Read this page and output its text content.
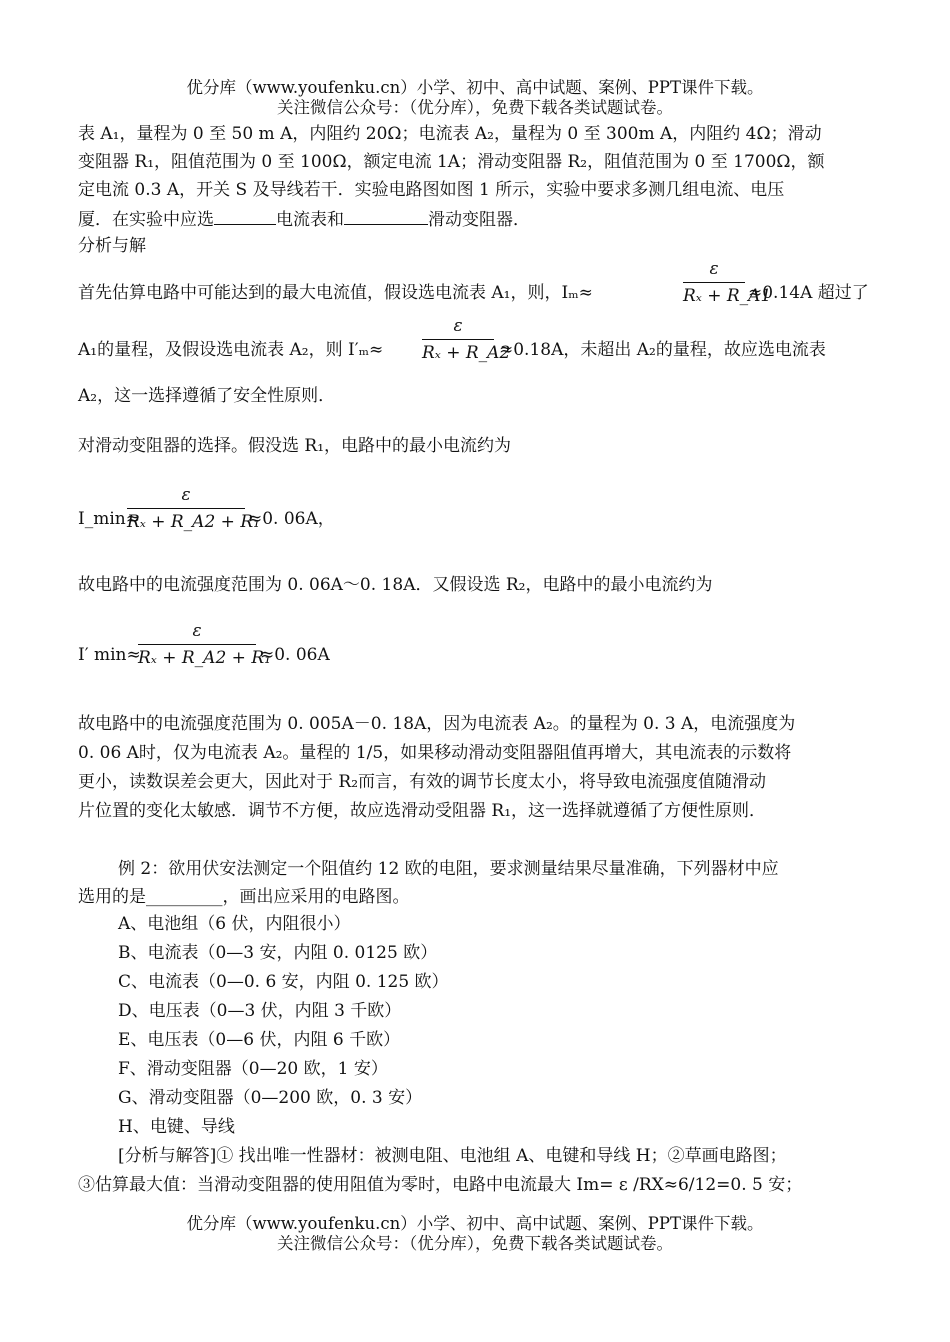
优分库（www.youfenku.cn）小学、初中、高中试题、案例、PPT课件下载。
关注微信公众号：（优分库），免费下载各类试题试卷。
表 A₁，量程为 0 至 50 m A，内阻约 20Ω；电流表 A₂，量程为 0 至 300m A，内阻约 4Ω；滑动
变阻器 R₁，阻值范围为 0 至 100Ω，额定电流 1A；滑动变阻器 R₂，阻值范围为 0 至 1700Ω，额
定电流 0.3 A，开关 S 及导线若干．实验电路图如图 1 所示，实验中要求多测几组电流、电压
厦．在实验中应选	电流表和	滑动变阻器．
分析与解
首先估算电路中可能达到的最大电流值，假设选电流表 A₁，则，Iₘ≈
ε
Rₓ + R_A1
≈0.14A 超过了
A₁的量程，及假设选电流表 A₂，则 I′ₘ≈
ε
Rₓ + R_A2
≈0.18A，未超出 A₂的量程，故应选电流表
A₂，这一选择遵循了安全性原则．
对滑动变阻器的选择。假没选 R₁，电路中的最小电流约为
I_min≈
ε
Rₓ + R_A2 + R₁
≈0. 06A，
故电路中的电流强度范围为 0. 06A～0. 18A．又假设选 R₂，电路中的最小电流约为
I′ min≈
ε
Rₓ + R_A2 + R₁
≈0. 06A
故电路中的电流强度范围为 0. 005A－0. 18A，因为电流表 A₂。的量程为 0. 3 A，电流强度为
0. 06 A时，仅为电流表 A₂。量程的 1/5，如果移动滑动变阻器阻值再增大，其电流表的示数将
更小，读数误差会更大，因此对于 R₂而言，有效的调节长度太小，将导致电流强度值随滑动
片位置的变化太敏感．调节不方便，故应选滑动受阻器 R₁，这一选择就遵循了方便性原则．
例 2：欲用伏安法测定一个阻值约 12 欧的电阻，要求测量结果尽量准确，下列器材中应
选用的是_________，画出应采用的电路图。
A、电池组（6 伏，内阻很小）
B、电流表（0—3 安，内阻 0. 0125 欧）
C、电流表（0—0. 6 安，内阻 0. 125 欧）
D、电压表（0—3 伏，内阻 3 千欧）
E、电压表（0—6 伏，内阻 6 千欧）
F、滑动变阻器（0—20 欧，1 安）
G、滑动变阻器（0—200 欧，0. 3 安）
H、电键、导线
[分析与解答]① 找出唯一性器材：被测电阻、电池组 A、电键和导线 H；②草画电路图；
③估算最大值：当滑动变阻器的使用阻值为零时，电路中电流最大 Im= ε /RX≈6/12=0. 5 安；
优分库（www.youfenku.cn）小学、初中、高中试题、案例、PPT课件下载。
关注微信公众号：（优分库），免费下载各类试题试卷。
